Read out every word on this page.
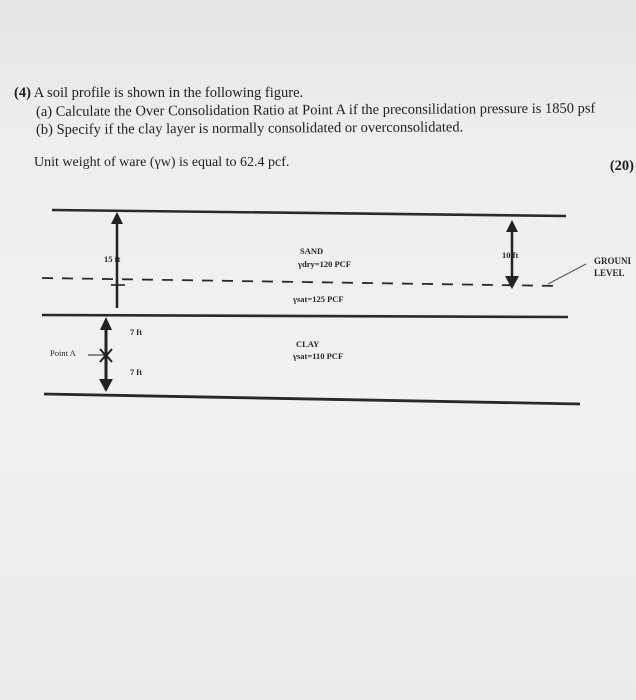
(4) A soil profile is shown in the following figure.
(a) Calculate the Over Consolidation Ratio at Point A if the preconsilidation pressure is 1850 psf
(b) Specify if the clay layer is normally consolidated or overconsolidated.
Unit weight of ware (γw) is equal to 62.4 pcf.	(20)
SAND
γdry=120 PCF
γsat=125 PCF
CLAY
γsat=110 PCF
15 ft	10 ft
7 ft
7 ft
Point A
GROUNI
LEVEL
